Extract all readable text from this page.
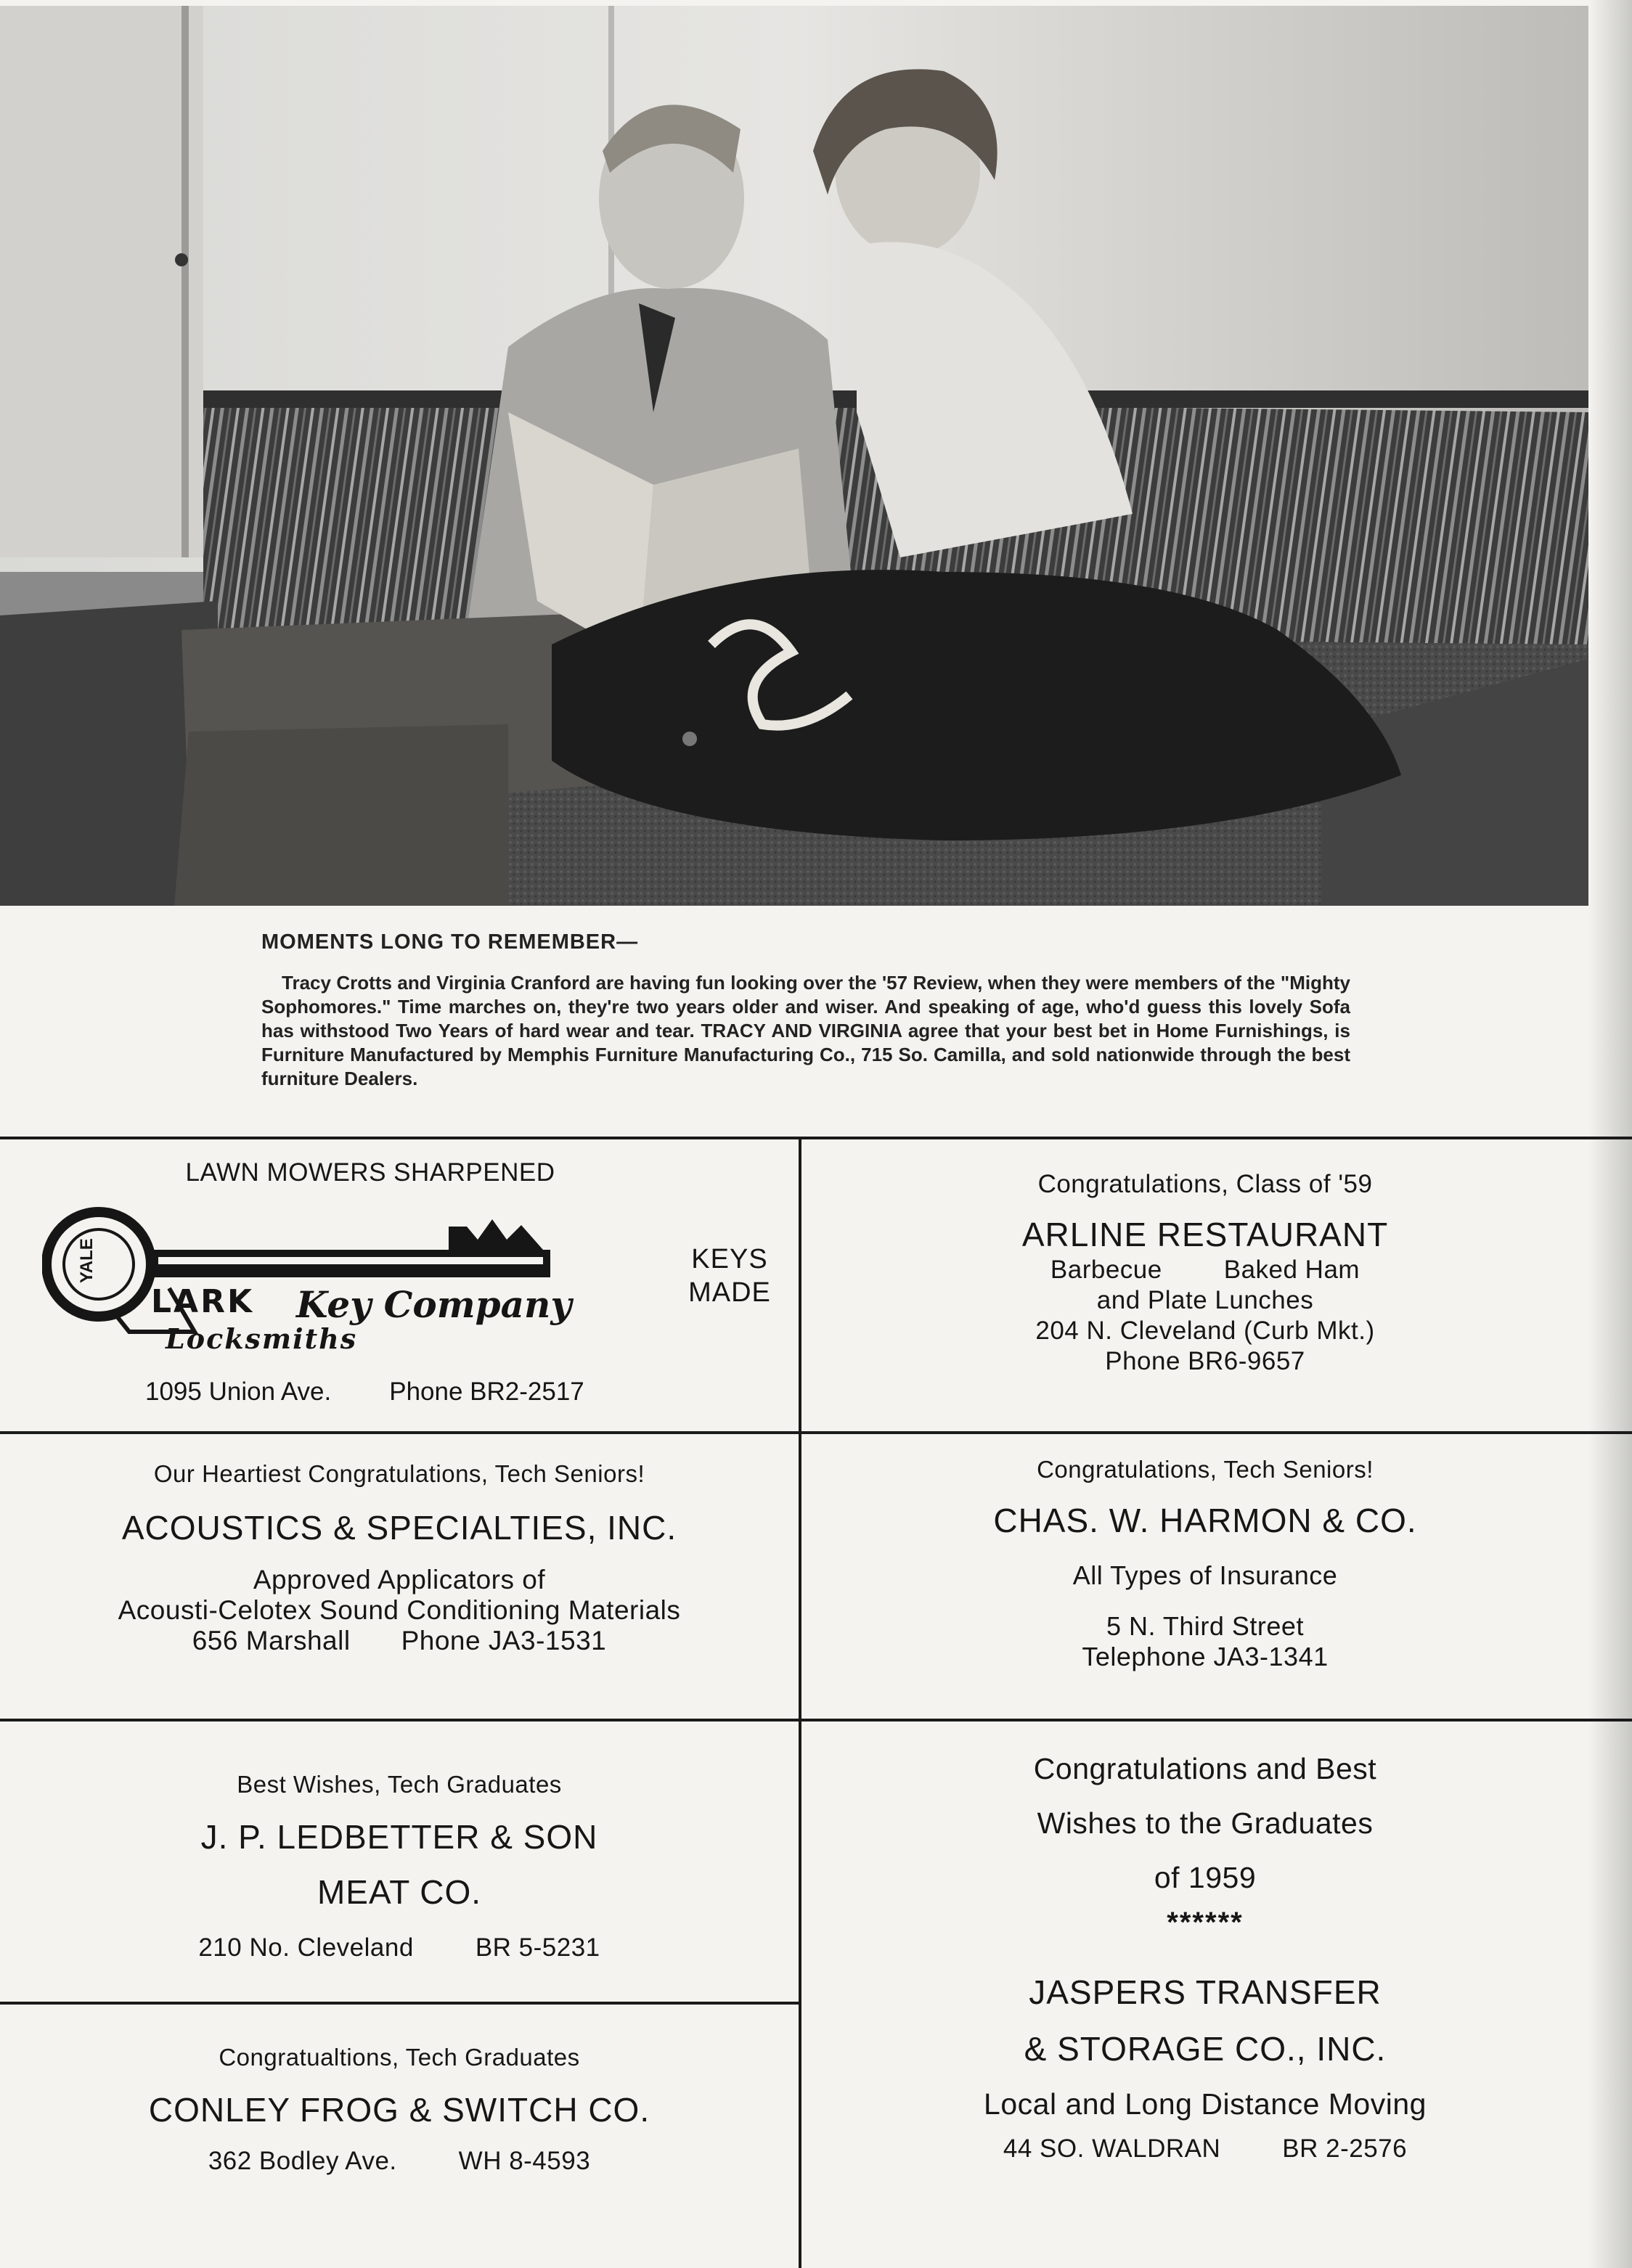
MOMENTS LONG TO REMEMBER—
Tracy Crotts and Virginia Cranford are having fun looking over the '57 Review, when they were members of the "Mighty Sophomores." Time marches on, they're two years older and wiser. And speaking of age, who'd guess this lovely Sofa has withstood Two Years of hard wear and tear. TRACY AND VIRGINIA agree that your best bet in Home Furnishings, is Furniture Manufactured by Memphis Furniture Manufacturing Co., 715 So. Camilla, and sold nationwide through the best furniture Dealers.
LAWN MOWERS SHARPENED
YALE
LARK Key Company
Locksmiths
KEYS MADE
1095 Union Ave. Phone BR2-2517
Congratulations, Class of '59
ARLINE RESTAURANT
Barbecue Baked Ham
and Plate Lunches
204 N. Cleveland (Curb Mkt.)
Phone BR6-9657
Our Heartiest Congratulations, Tech Seniors!
ACOUSTICS & SPECIALTIES, INC.
Approved Applicators of
Acousti-Celotex Sound Conditioning Materials
656 Marshall Phone JA3-1531
Congratulations, Tech Seniors!
CHAS. W. HARMON & CO.
All Types of Insurance
5 N. Third Street
Telephone JA3-1341
Best Wishes, Tech Graduates
J. P. LEDBETTER & SON
MEAT CO.
210 No. Cleveland BR 5-5231
Congratualtions, Tech Graduates
CONLEY FROG & SWITCH CO.
362 Bodley Ave. WH 8-4593
Congratulations and Best
Wishes to the Graduates
of 1959
******
JASPERS TRANSFER
& STORAGE CO., INC.
Local and Long Distance Moving
44 SO. WALDRAN BR 2-2576
